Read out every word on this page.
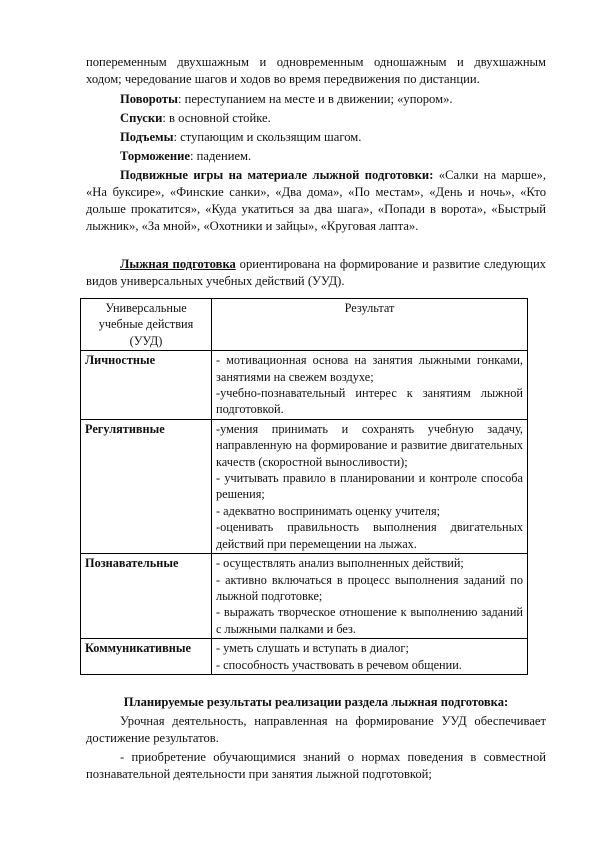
попеременным двухшажным и одновременным одношажным и двухшажным
ходом; чередование шагов и ходов во время передвижения по дистанции.
Повороты: переступанием на месте и в движении; «упором».
Спуски: в основной стойке.
Подъемы: ступающим и скользящим шагом.
Торможение: падением.
Подвижные игры на материале лыжной подготовки: «Салки на марше», «На буксире», «Финские санки», «Два дома», «По местам», «День и ночь», «Кто дольше прокатится», «Куда укатиться за два шага», «Попади в ворота», «Быстрый лыжник», «За мной», «Охотники и зайцы», «Круговая лапта».
Лыжная подготовка ориентирована на формирование и развитие следующих видов универсальных учебных действий (УУД).
Универсальные учебные действия (УУД)	Результат
Личностные	- мотивационная основа на занятия лыжными гонками, занятиями на свежем воздухе;
-учебно-познавательный интерес к занятиям лыжной подготовкой.

Регулятивные	-умения принимать и сохранять учебную задачу, направленную на формирование и развитие двигательных качеств (скоростной выносливости);
- учитывать правило в планировании и контроле способа решения;
- адекватно воспринимать оценку учителя;
-оценивать правильность выполнения двигательных действий при перемещении на лыжах.

Познавательные	- осуществлять анализ выполненных действий;
- активно включаться в процесс выполнения заданий по лыжной подготовке;
- выражать творческое отношение к выполнению заданий с лыжными палками и без.

Коммуникативные	- уметь слушать и вступать в диалог;
- способность участвовать в речевом общении.
Планируемые результаты реализации раздела лыжная подготовка:
Урочная деятельность, направленная на формирование УУД обеспечивает достижение результатов.
- приобретение обучающимися знаний о нормах поведения в совместной познавательной деятельности при занятия лыжной подготовкой;
